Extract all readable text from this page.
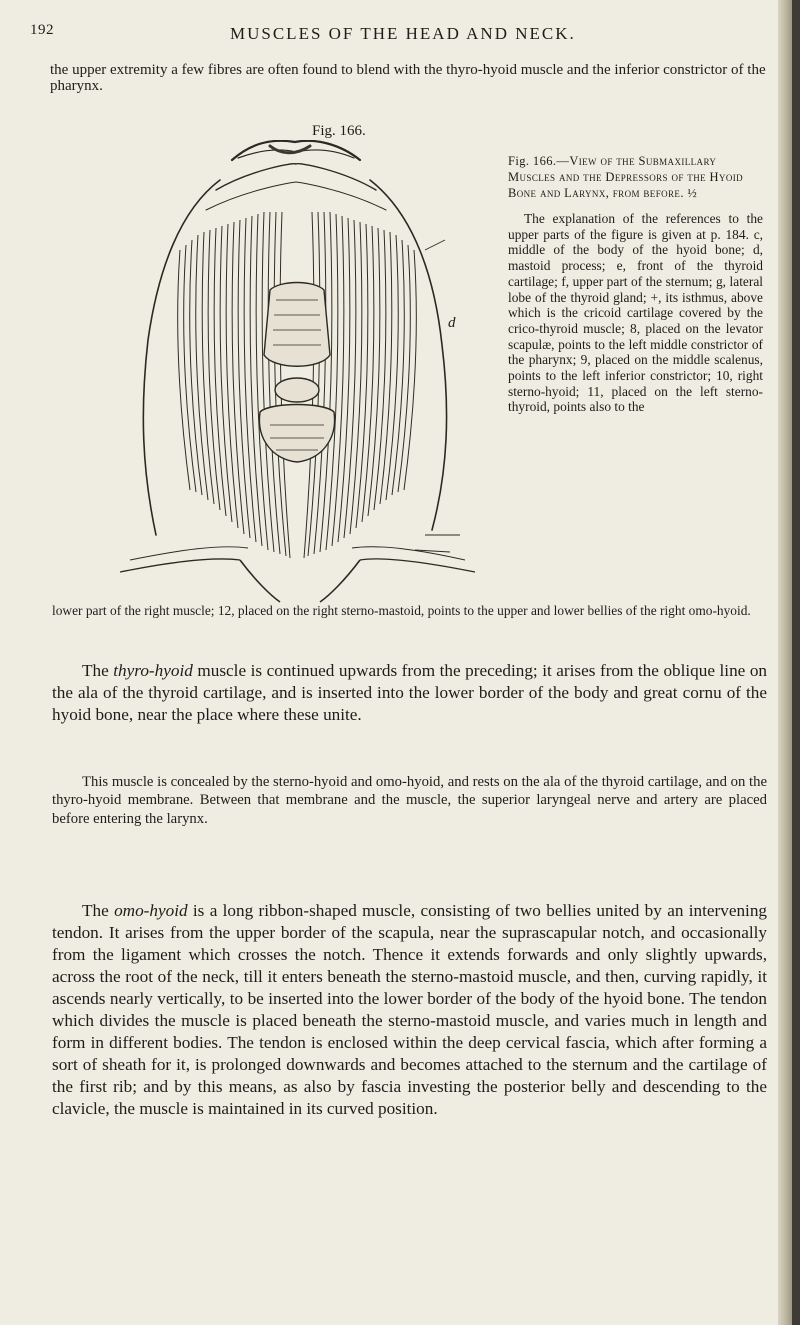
192	MUSCLES OF THE HEAD AND NECK.

the upper extremity a few fibres are often found to blend with the thyro-hyoid muscle and the inferior constrictor of the pharynx.

Fig. 166.
d

Fig. 166.—View of the Submaxillary Muscles and the Depressors of the Hyoid Bone and Larynx, from before. ½

The explanation of the references to the upper parts of the figure is given at p. 184. c, middle of the body of the hyoid bone; d, mastoid process; e, front of the thyroid cartilage; f, upper part of the sternum; g, lateral lobe of the thyroid gland; +, its isthmus, above which is the cricoid cartilage covered by the crico-thyroid muscle; 8, placed on the levator scapulæ, points to the left middle constrictor of the pharynx; 9, placed on the middle scalenus, points to the left inferior constrictor; 10, right sterno-hyoid; 11, placed on the left sterno-thyroid, points also to the

lower part of the right muscle; 12, placed on the right sterno-mastoid, points to the upper and lower bellies of the right omo-hyoid.

The thyro-hyoid muscle is continued upwards from the preceding; it arises from the oblique line on the ala of the thyroid cartilage, and is inserted into the lower border of the body and great cornu of the hyoid bone, near the place where these unite.

This muscle is concealed by the sterno-hyoid and omo-hyoid, and rests on the ala of the thyroid cartilage, and on the thyro-hyoid membrane. Between that membrane and the muscle, the superior laryngeal nerve and artery are placed before entering the larynx.

The omo-hyoid is a long ribbon-shaped muscle, consisting of two bellies united by an intervening tendon. It arises from the upper border of the scapula, near the suprascapular notch, and occasionally from the ligament which crosses the notch. Thence it extends forwards and only slightly upwards, across the root of the neck, till it enters beneath the sterno-mastoid muscle, and then, curving rapidly, it ascends nearly vertically, to be inserted into the lower border of the body of the hyoid bone. The tendon which divides the muscle is placed beneath the sterno-mastoid muscle, and varies much in length and form in different bodies. The tendon is enclosed within the deep cervical fascia, which after forming a sort of sheath for it, is prolonged downwards and becomes attached to the sternum and the cartilage of the first rib; and by this means, as also by fascia investing the posterior belly and descending to the clavicle, the muscle is maintained in its curved position.
